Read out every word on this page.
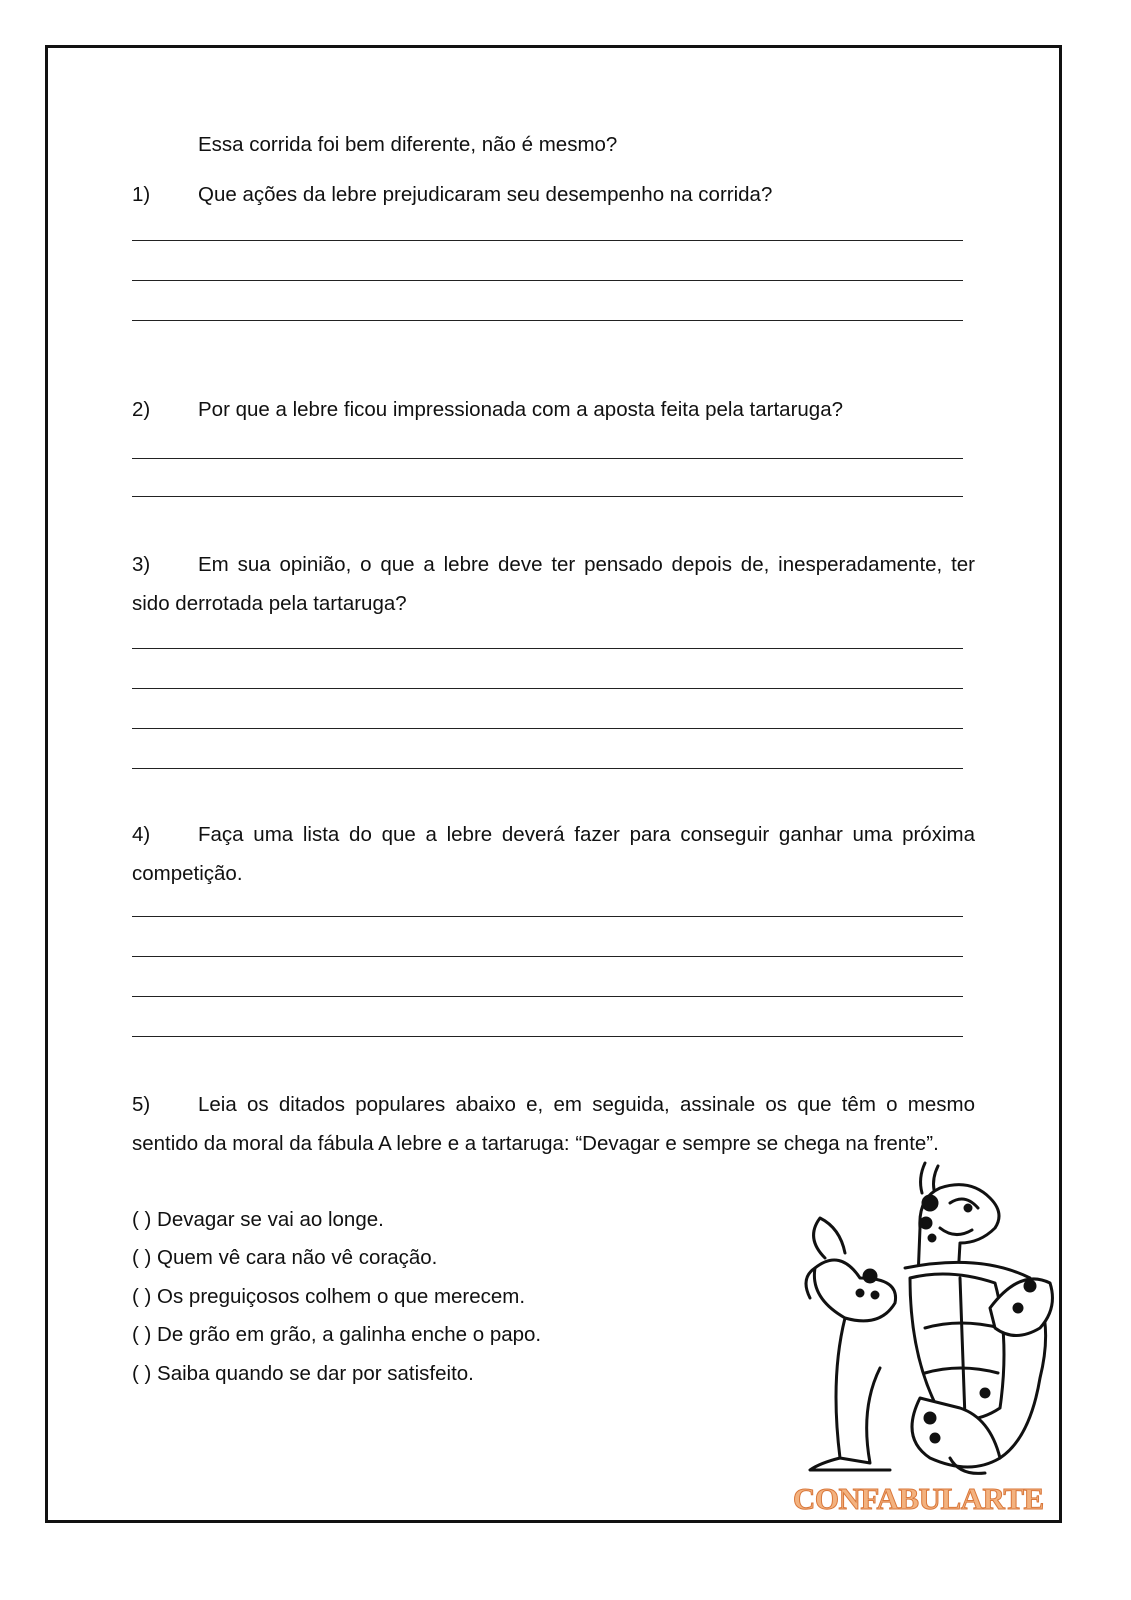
Essa corrida foi bem diferente, não é mesmo?
1) Que ações da lebre prejudicaram seu desempenho na corrida?
2) Por que a lebre ficou impressionada com a aposta feita pela tartaruga?
3)	Em sua opinião, o que a lebre deve ter pensado depois de, inesperadamente, ter sido derrotada pela tartaruga?
4)	Faça uma lista do que a lebre deverá fazer para conseguir ganhar uma próxima competição.
5)	Leia os ditados populares abaixo e, em seguida, assinale os que têm o mesmo sentido da moral da fábula A lebre e a tartaruga: “Devagar e sempre se chega na frente”.
( ) Devagar se vai ao longe.
( ) Quem vê cara não vê coração.
( ) Os preguiçosos colhem o que merecem.
( ) De grão em grão, a galinha enche o papo.
( ) Saiba quando se dar por satisfeito.
CONFABULARTE
